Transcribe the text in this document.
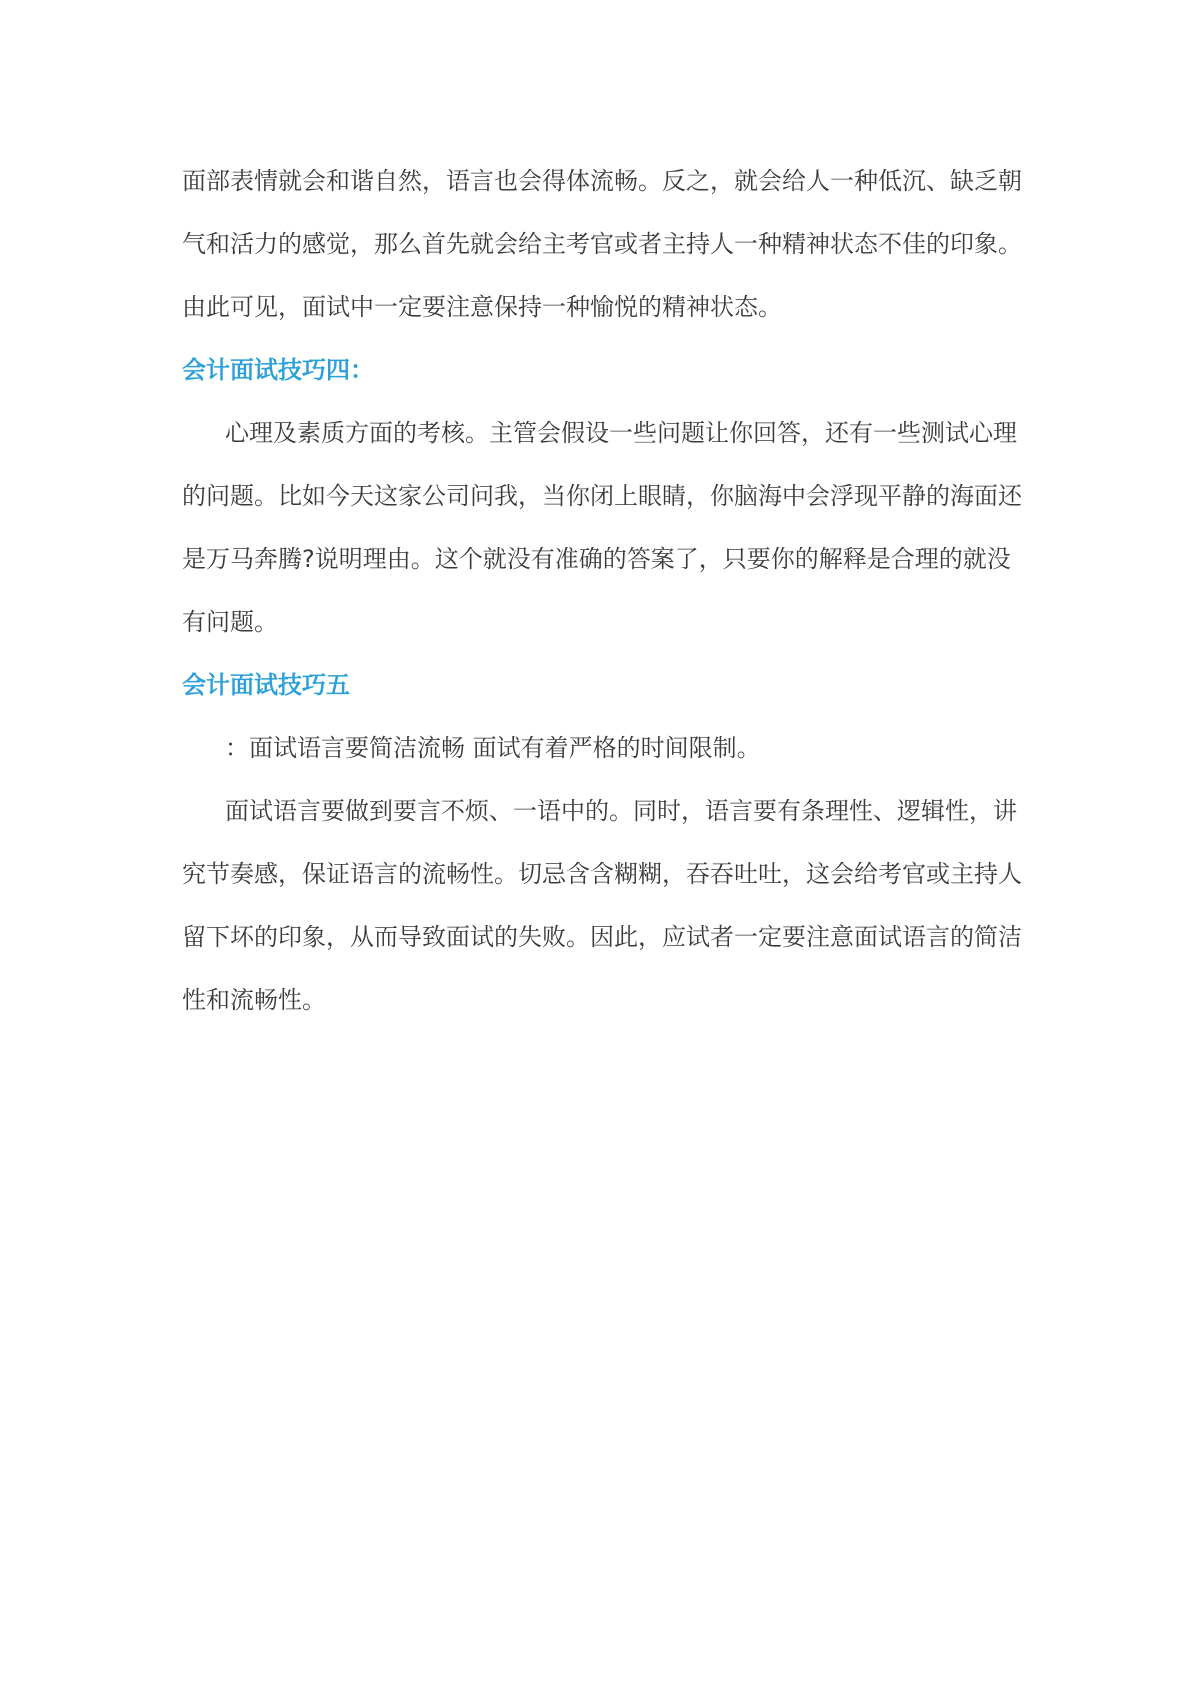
面部表情就会和谐自然，语言也会得体流畅。反之，就会给人一种低沉、缺乏朝

气和活力的感觉，那么首先就会给主考官或者主持人一种精神状态不佳的印象。

由此可见，面试中一定要注意保持一种愉悦的精神状态。

会计面试技巧四：

心理及素质方面的考核。主管会假设一些问题让你回答，还有一些测试心理

的问题。比如今天这家公司问我，当你闭上眼睛，你脑海中会浮现平静的海面还

是万马奔腾?说明理由。这个就没有准确的答案了，只要你的解释是合理的就没

有问题。

会计面试技巧五

：面试语言要简洁流畅 面试有着严格的时间限制。

面试语言要做到要言不烦、一语中的。同时，语言要有条理性、逻辑性，讲

究节奏感，保证语言的流畅性。切忌含含糊糊，吞吞吐吐，这会给考官或主持人

留下坏的印象，从而导致面试的失败。因此，应试者一定要注意面试语言的简洁

性和流畅性。
